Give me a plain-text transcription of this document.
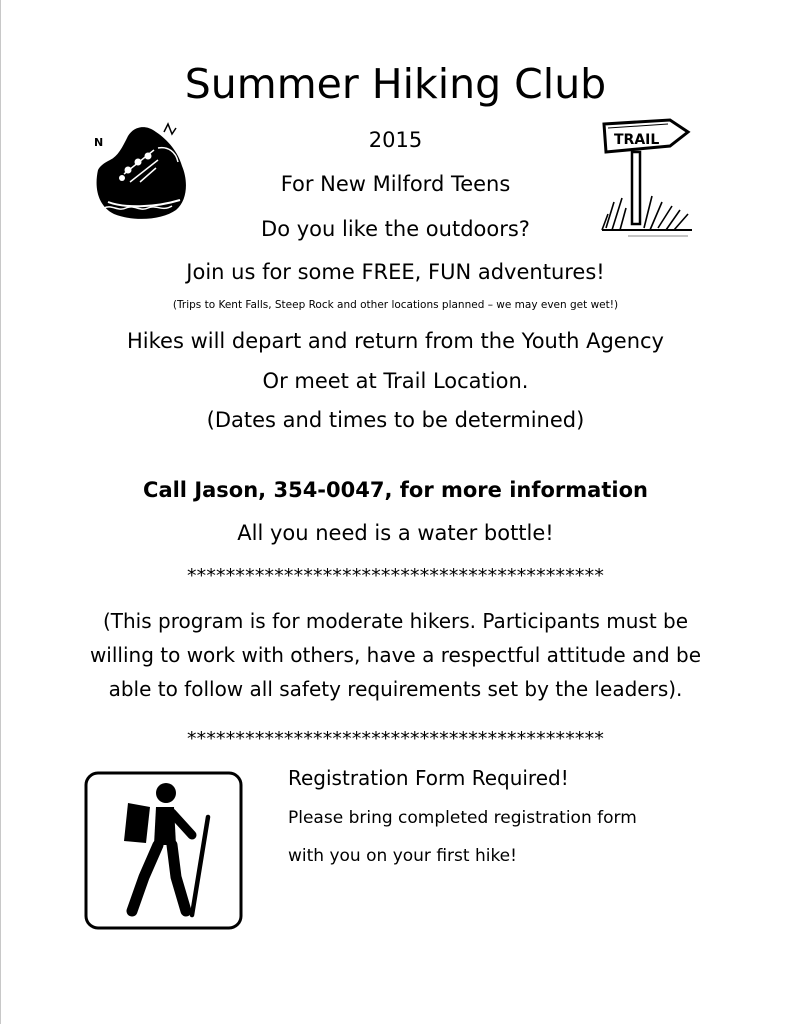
Summer Hiking Club
2015
For New Milford Teens
Do you like the outdoors?
Join us for some FREE, FUN adventures!
(Trips to Kent Falls, Steep Rock and other locations planned – we may even get wet!)
Hikes will depart and return from the Youth Agency
Or meet at Trail Location.
(Dates and times to be determined)
Call Jason, 354-0047, for more information
All you need is a water bottle!
*******************************************
(This program is for moderate hikers. Participants must be
willing to work with others, have a respectful attitude and be
able to follow all safety requirements set by the leaders).
*******************************************
Registration Form Required!
Please bring completed registration form
with you on your first hike!
N	TRAIL
